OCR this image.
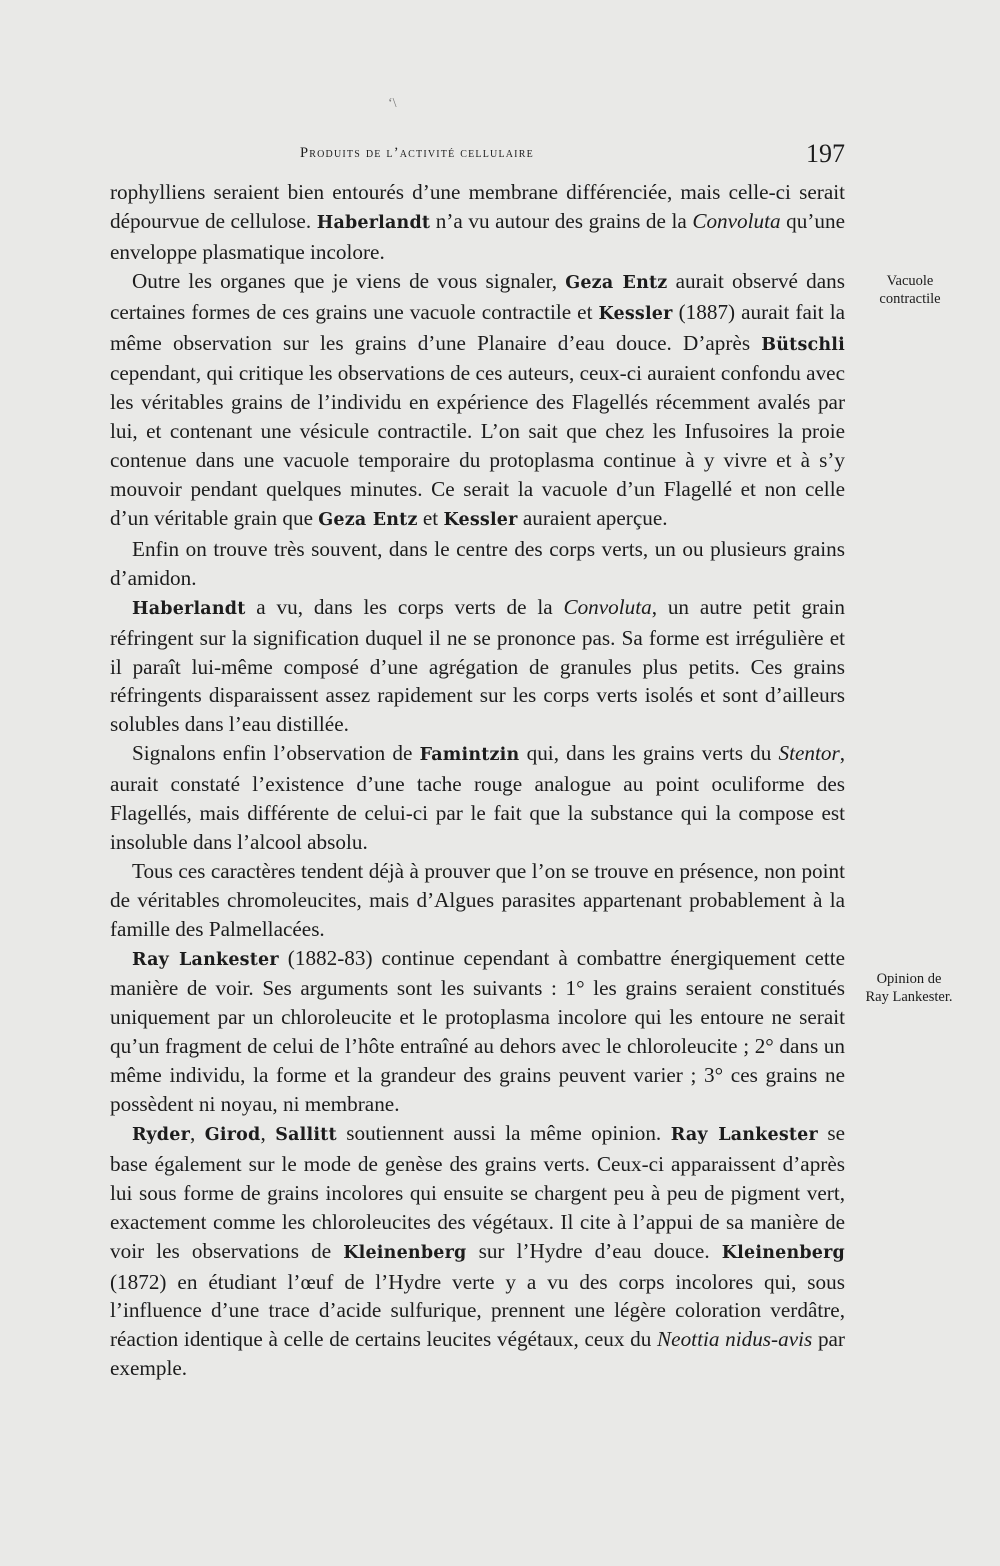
‘\
Produits de l’activité cellulaire	197

rophylliens seraient bien entourés d’une membrane différenciée, mais celle-ci serait dépourvue de cellulose. Haberlandt n’a vu autour des grains de la Convoluta qu’une enveloppe plasmatique incolore.

Outre les organes que je viens de vous signaler, Geza Entz aurait observé dans certaines formes de ces grains une vacuole contractile et Kessler (1887) aurait fait la même observation sur les grains d’une Planaire d’eau douce. D’après Bütschli cependant, qui critique les observations de ces auteurs, ceux-ci auraient confondu avec les véritables grains de l’individu en expérience des Flagellés récemment avalés par lui, et contenant une vésicule contractile. L’on sait que chez les Infusoires la proie contenue dans une vacuole temporaire du protoplasma continue à y vivre et à s’y mouvoir pendant quelques minutes. Ce serait la vacuole d’un Flagellé et non celle d’un véritable grain que Geza Entz et Kessler auraient aperçue.

Enfin on trouve très souvent, dans le centre des corps verts, un ou plusieurs grains d’amidon.

Haberlandt a vu, dans les corps verts de la Convoluta, un autre petit grain réfringent sur la signification duquel il ne se prononce pas. Sa forme est irrégulière et il paraît lui-même composé d’une agrégation de granules plus petits. Ces grains réfringents disparaissent assez rapidement sur les corps verts isolés et sont d’ailleurs solubles dans l’eau distillée.

Signalons enfin l’observation de Famintzin qui, dans les grains verts du Stentor, aurait constaté l’existence d’une tache rouge analogue au point oculiforme des Flagellés, mais différente de celui-ci par le fait que la substance qui la compose est insoluble dans l’alcool absolu.

Tous ces caractères tendent déjà à prouver que l’on se trouve en présence, non point de véritables chromoleucites, mais d’Algues parasites appartenant probablement à la famille des Palmellacées.

Ray Lankester (1882-83) continue cependant à combattre énergiquement cette manière de voir. Ses arguments sont les suivants : 1° les grains seraient constitués uniquement par un chloroleucite et le protoplasma incolore qui les entoure ne serait qu’un fragment de celui de l’hôte entraîné au dehors avec le chloroleucite ; 2° dans un même individu, la forme et la grandeur des grains peuvent varier ; 3° ces grains ne possèdent ni noyau, ni membrane.

Ryder, Girod, Sallitt soutiennent aussi la même opinion. Ray Lankester se base également sur le mode de genèse des grains verts. Ceux-ci apparaissent d’après lui sous forme de grains incolores qui ensuite se chargent peu à peu de pigment vert, exactement comme les chloroleucites des végétaux. Il cite à l’appui de sa manière de voir les observations de Kleinenberg sur l’Hydre d’eau douce. Kleinenberg (1872) en étudiant l’œuf de l’Hydre verte y a vu des corps incolores qui, sous l’influence d’une trace d’acide sulfurique, prennent une légère coloration verdâtre, réaction identique à celle de certains leucites végétaux, ceux du Neottia nidus-avis par exemple.

Vacuole
contractile
Opinion de
Ray Lankester.
